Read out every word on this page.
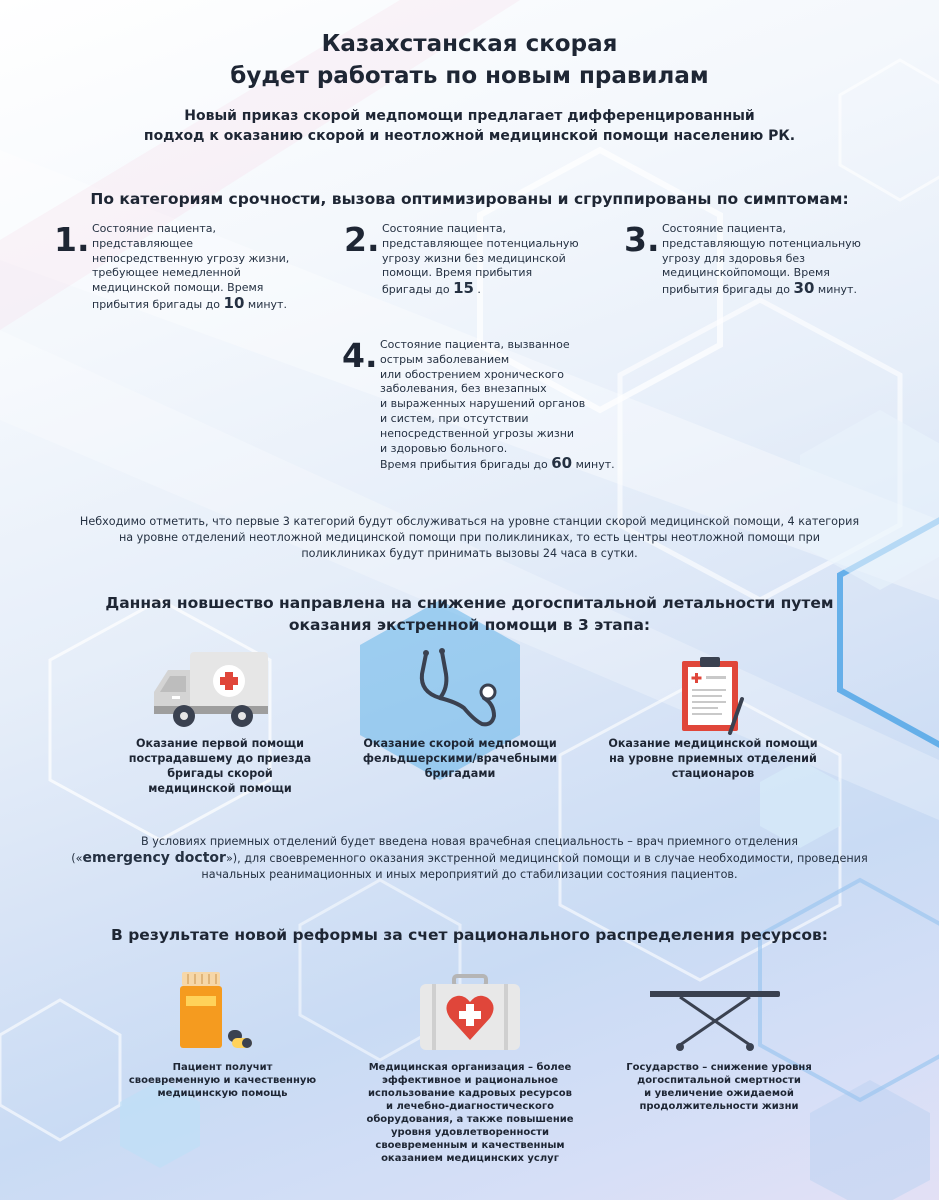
Казахстанская скорая
будет работать по новым правилам
Новый приказ скорой медпомощи предлагает дифференцированный
подход к оказанию скорой и неотложной медицинской помощи населению РК.
По категориям срочности, вызова оптимизированы и сгруппированы по симптомам:
1. Состояние пациента,
представляющее
непосредственную угрозу жизни,
требующее немедленной
медицинской помощи. Время
прибытия бригады до 10 минут.
2. Состояние пациента,
представляющее потенциальную
угрозу жизни без медицинской
помощи. Время прибытия
бригады до 15 .
3. Состояние пациента,
представляющую потенциальную
угрозу для здоровья без
медицинскойпомощи. Время
прибытия бригады до 30 минут.
4. Состояние пациента, вызванное
острым заболеванием
или обострением хронического
заболевания, без внезапных
и выраженных нарушений органов
и систем, при отсутствии
непосредственной угрозы жизни
и здоровью больного.
Время прибытия бригады до 60 минут.
Небходимо отметить, что первые 3 категорий будут обслуживаться на уровне станции скорой медицинской помощи, 4 категория
на уровне отделений неотложной медицинской помощи при поликлиниках, то есть центры неотложной помощи при
поликлиниках будут принимать вызовы 24 часа в сутки.
Данная новшество направлена на снижение догоспитальной летальности путем
оказания экстренной помощи в 3 этапа:
Оказание первой помощи
пострадавшему до приезда
бригады скорой
медицинской помощи
Оказание скорой медпомощи
фельдшерскими/врачебными
бригадами
Оказание медицинской помощи
на уровне приемных отделений
стационаров
В условиях приемных отделений будет введена новая врачебная специальность – врач приемного отделения
(«emergency doctor»), для своевременного оказания экстренной медицинской помощи и в случае необходимости, проведения
начальных реанимационных и иных мероприятий до стабилизации состояния пациентов.
В результате новой реформы за счет рационального распределения ресурсов:
Пациент получит
своевременную и качественную
медицинскую помощь
Медицинская организация – более
эффективное и рациональное
использование кадровых ресурсов
и лечебно-диагностического
оборудования, а также повышение
уровня удовлетворенности
своевременным и качественным
оказанием медицинских услуг
Государство – снижение уровня
догоспитальной смертности
и увеличение ожидаемой
продолжительности жизни
